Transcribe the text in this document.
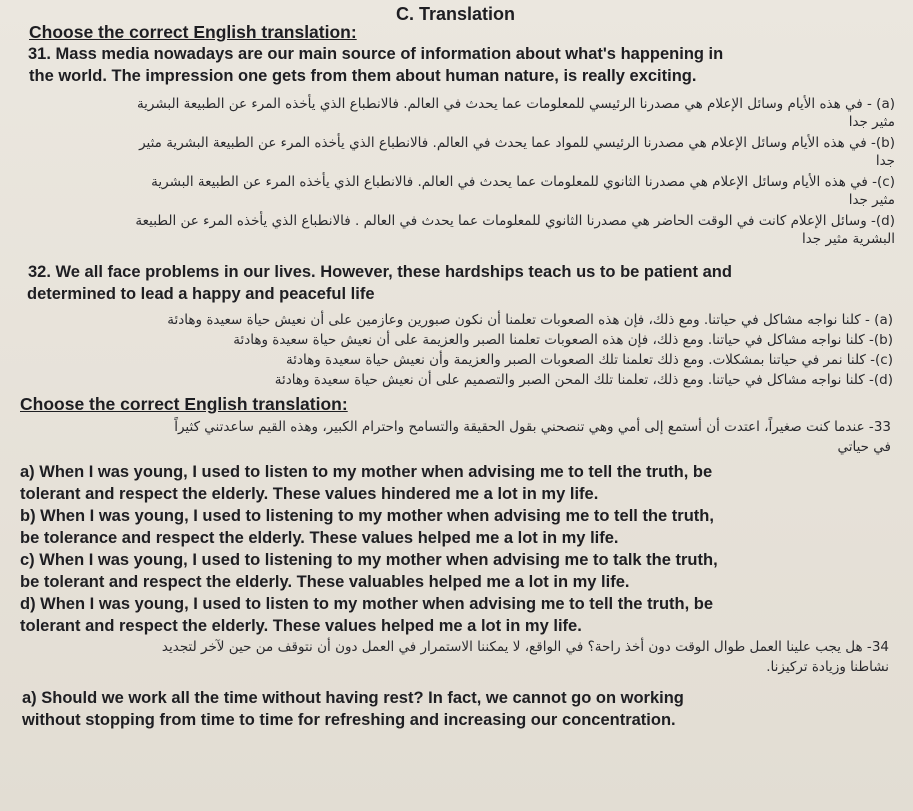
C. Translation
Choose the correct English translation:
31. Mass media nowadays are our main source of information about what's happening in
the world. The impression one gets from them about human nature, is really exciting.
(a) - في هذه الأيام وسائل الإعلام هي مصدرنا الرئيسي للمعلومات عما يحدث في العالم. فالانطباع الذي يأخذه المرء عن الطبيعة البشرية
مثير جدا
(b)- في هذه الأيام وسائل الإعلام هي مصدرنا الرئيسي للمواد عما يحدث في العالم. فالانطباع الذي يأخذه المرء عن الطبيعة البشرية مثير
جدا
(c)- في هذه الأيام وسائل الإعلام هي مصدرنا الثانوي للمعلومات عما يحدث في العالم. فالانطباع الذي يأخذه المرء عن الطبيعة البشرية
مثير جدا
(d)- وسائل الإعلام كانت في الوقت الحاضر هي مصدرنا الثانوي للمعلومات عما يحدث في العالم . فالانطباع الذي يأخذه المرء عن الطبيعة
البشرية مثير جدا
32. We all face problems in our lives. However, these hardships teach us to be patient and
determined to lead a happy and peaceful life
(a) - كلنا نواجه مشاكل في حياتنا. ومع ذلك، فإن هذه الصعوبات تعلمنا أن نكون صبورين وعازمين على أن نعيش حياة سعيدة وهادئة
(b)- كلنا نواجه مشاكل في حياتنا. ومع ذلك، فإن هذه الصعوبات تعلمنا الصبر والعزيمة على أن نعيش حياة سعيدة وهادئة
(c)- كلنا نمر في حياتنا بمشكلات. ومع ذلك تعلمنا تلك الصعوبات الصبر والعزيمة وأن نعيش حياة سعيدة وهادئة
(d)- كلنا نواجه مشاكل في حياتنا. ومع ذلك، تعلمنا تلك المحن الصبر والتصميم على أن نعيش حياة سعيدة وهادئة
Choose the correct English translation:
33- عندما كنت صغيراً، اعتدت أن أستمع إلى أمي وهي تنصحني بقول الحقيقة والتسامح واحترام الكبير، وهذه القيم ساعدتني كثيراً
في حياتي
a) When I was young, I used to listen to my mother when advising me to tell the truth, be
tolerant and respect the elderly. These values hindered me a lot in my life.
b) When I was young, I used to listening to my mother when advising me to tell the truth,
be tolerance and respect the elderly. These values helped me a lot in my life.
c) When I was young, I used to listening to my mother when advising me to talk the truth,
be tolerant and respect the elderly. These valuables helped me a lot in my life.
d) When I was young, I used to listen to my mother when advising me to tell the truth, be
tolerant and respect the elderly. These values helped me a lot in my life.
34- هل يجب علينا العمل طوال الوقت دون أخذ راحة؟ في الواقع، لا يمكننا الاستمرار في العمل دون أن نتوقف من حين لآخر لتجديد
نشاطنا وزيادة تركيزنا.
a) Should we work all the time without having rest? In fact, we cannot go on working
without stopping from time to time for refreshing and increasing our concentration.
